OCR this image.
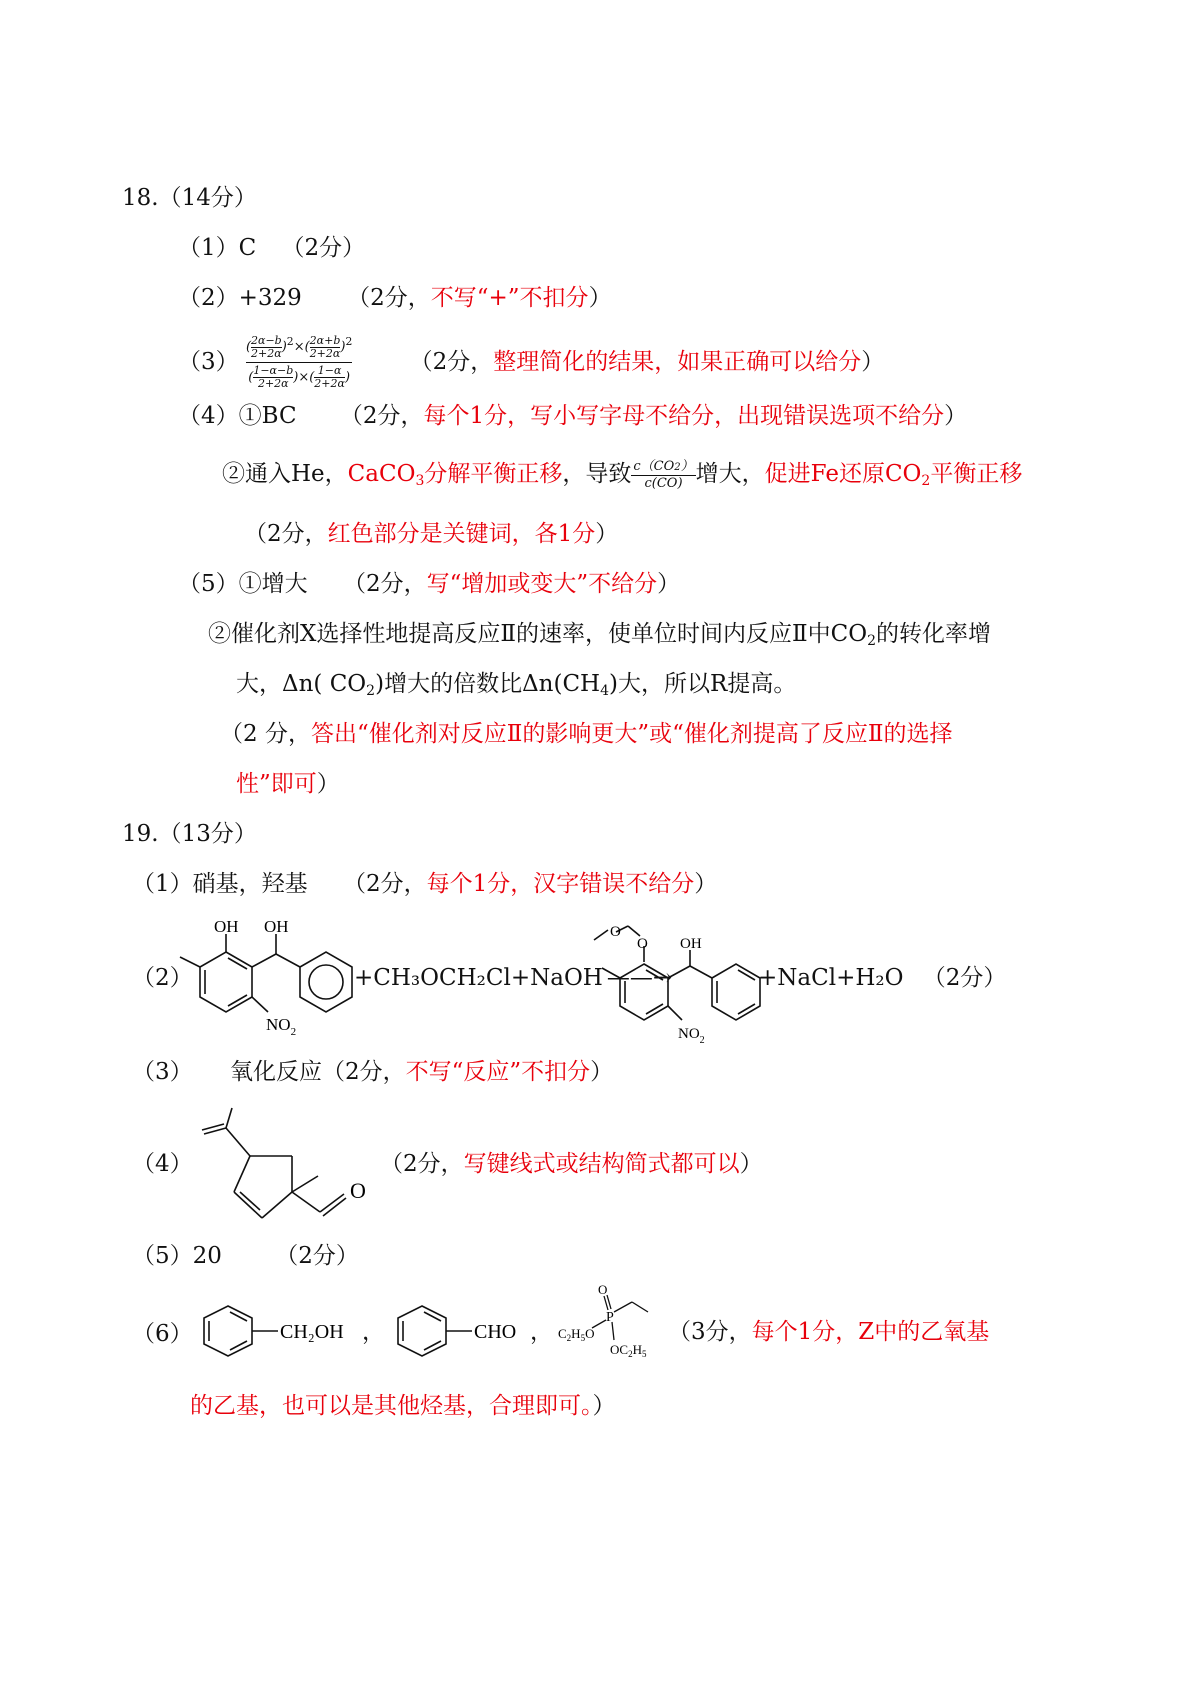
18.（14分）
（1）C （2分）
（2）+329 （2分，不写“+”不扣分）
$(3) \frac{( \frac{2\alpha-b}{2+2\alpha} )^2\times( \frac{2\alpha+b}{2+2\alpha} )^2}{( \frac{1-\alpha-b}{2+2\alpha} )\times( \frac{1-\alpha}{2+2\alpha} )} (2$分，整理简化的结果，如果正确可以给分）
（4）①BC （2分，每个1分，写小写字母不给分，出现错误选项不给分）
②通入He，CaCO$_3$分解平衡正移，导致 $\frac{c(CO2)}{c(CO)}$ 增大，促进Fe还原$CO_2$平衡正移
（2分，红色部分是关键词，各1分）
（5）①增大 （2分，写“增加或变大”不给分）
②催化剂X选择性地提高反应Ⅱ的速率，使单位时间内反应Ⅱ中$CO_2$的转化率增
大，Δn( $CO_2$)增大的倍数比$\Delta n(CH_4)$大，所以R提高。
（2 分，答出“催化剂对反应Ⅱ的影响更大”或“催化剂提高了反应Ⅱ的选择
性”即可）
19.（13分）
（1）硝基，羟基 （2分，每个1分，汉字错误不给分）
（2）
OH OH
$NO_2$
+CH₃OCH₂Cl+NaOH ——→
O
O OH
$NO_2$
+NaCl+H₂O （2分）
（3） 氧化反应（2分，不写“反应”不扣分）
（4）
O
（2分，写键线式或结构简式都可以）
（5）20 （2分）
（6）	CH₂OH ，	CHO ，
O
P
$C_2H_5O$
$OC_2H_5$
（3分，每个1分，Z中的乙氧基
的乙基，也可以是其他烃基，合理即可。）
